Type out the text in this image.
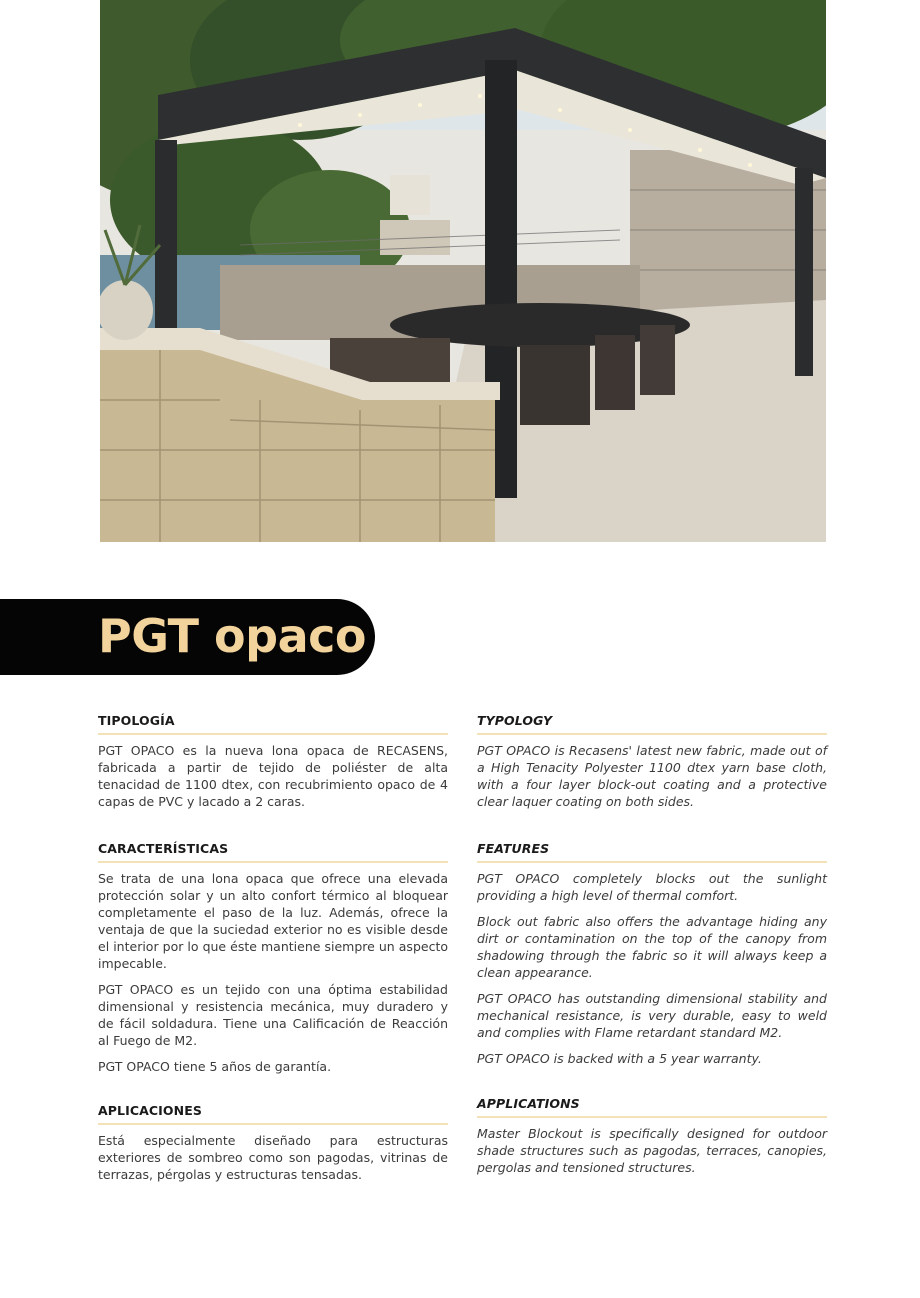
PGT opaco
TIPOLOGÍA

PGT OPACO es la nueva lona opaca de RECASENS, fabricada a partir de tejido de poliéster de alta tenacidad de 1100 dtex, con recubrimiento opaco de 4 capas de PVC y lacado a 2 caras.

CARACTERÍSTICAS

Se trata de una lona opaca que ofrece una elevada protección solar y un alto confort térmico al bloquear completamente el paso de la luz. Además, ofrece la ventaja de que la suciedad exterior no es visible desde el interior por lo que éste mantiene siempre un aspecto impecable.

PGT OPACO es un tejido con una óptima estabilidad dimensional y resistencia mecánica, muy duradero y de fácil soldadura. Tiene una Calificación de Reacción al Fuego de M2.

PGT OPACO tiene 5 años de garantía.

APLICACIONES

Está especialmente diseñado para estructuras exteriores de sombreo como son pagodas, vitrinas de terrazas, pérgolas y estructuras tensadas.

TYPOLOGY

PGT OPACO is Recasens' latest new fabric, made out of a High Tenacity Polyester 1100 dtex yarn base cloth, with a four layer block-out coating and a protective clear laquer coating on both sides.

FEATURES

PGT OPACO completely blocks out the sunlight providing a high level of thermal comfort.

Block out fabric also offers the advantage hiding any dirt or contamination on the top of the canopy from shadowing through the fabric so it will always keep a clean appearance.

PGT OPACO has outstanding dimensional stability and mechanical resistance, is very durable, easy to weld and complies with Flame retardant standard M2.

PGT OPACO is backed with a 5 year warranty.

APPLICATIONS

Master Blockout is specifically designed for outdoor shade structures such as pagodas, terraces, canopies, pergolas and tensioned structures.
